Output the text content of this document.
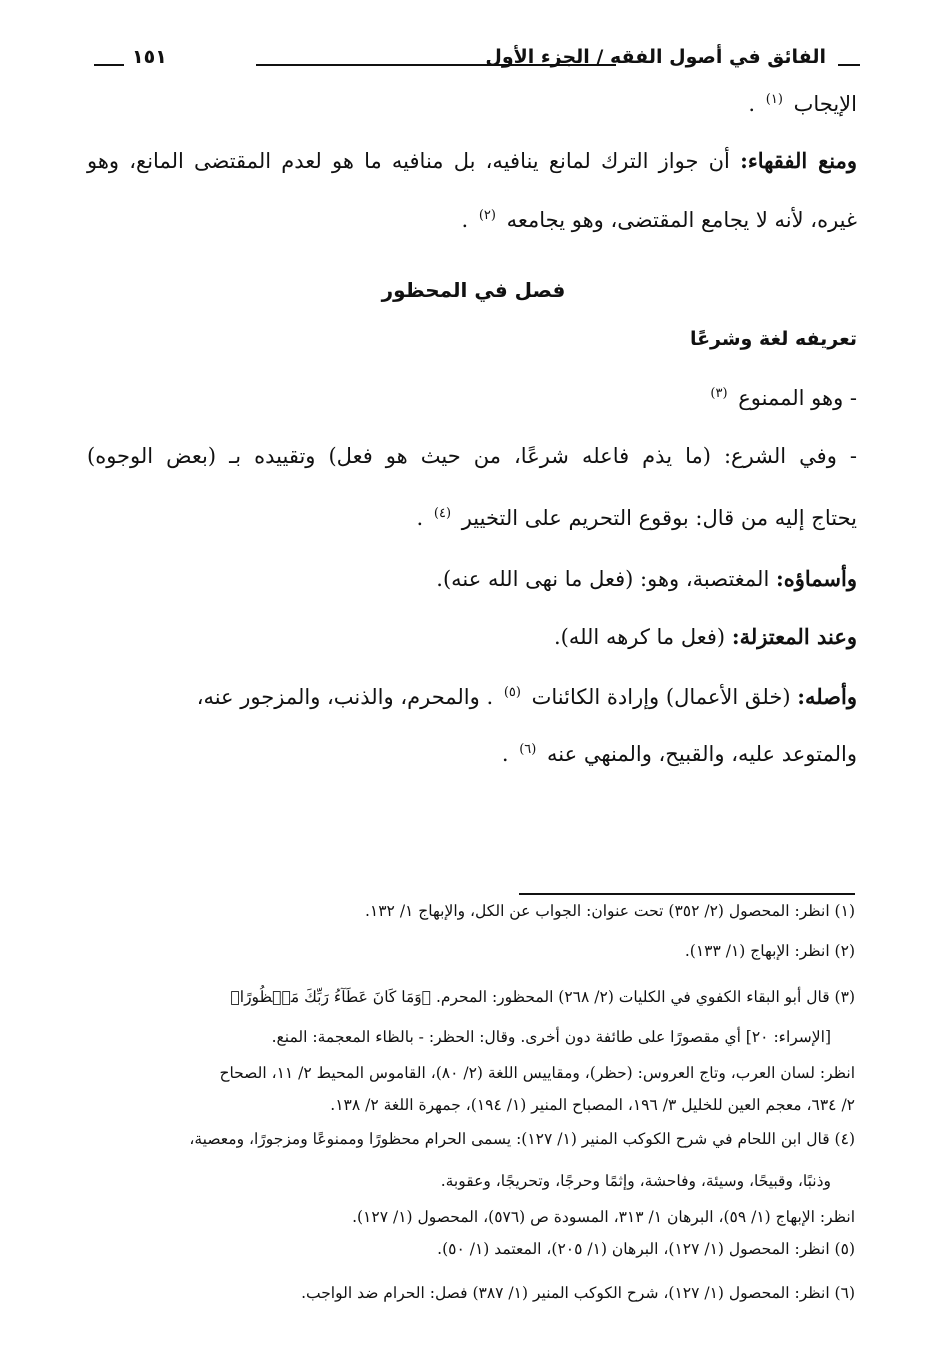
١٥١	الفائق في أصول الفقه / الجزء الأول
الإيجاب $^{(١)}$ .
ومنع الفقهاء: أن جواز الترك لمانع ينافيه، بل منافيه ما هو لعدم المقتضى المانع، وهو
غيره، لأنه لا يجامع المقتضى، وهو يجامعه $^{(٢)}$ .
فصل في المحظور
تعريفه لغة وشرعًا
- وهو الممنوع $^{(٣)}$
- وفي الشرع: (ما يذم فاعله شرعًا، من حيث هو فعل) وتقييده بـ (بعض الوجوه)
يحتاج إليه من قال: بوقوع التحريم على التخيير $^{(٤)}$ .
وأسماؤه: المغتصبة، وهو: (فعل ما نهى الله عنه).
وعند المعتزلة: (فعل ما كرهه الله).
وأصله: (خلق الأعمال) وإرادة الكائنات $^{(٥)}$ . والمحرم، والذنب، والمزجور عنه،
والمتوعد عليه، والقبيح، والمنهي عنه $^{(٦)}$ .
(١) انظر: المحصول (٢/ ٣٥٢) تحت عنوان: الجواب عن الكل، والإبهاج ١/ ١٣٢.
(٢) انظر: الإبهاج (١/ ١٣٣).
(٣) قال أبو البقاء الكفوي في الكليات (٢/ ٢٦٨) المحظور: المحرم. ﴿وَمَا كَانَ عَطَآءُ رَبِّكَ مَحۡظُورًا﴾
[الإسراء: ٢٠] أي مقصورًا على طائفة دون أخرى. وقال: الحظر: - بالظاء المعجمة: المنع.
انظر: لسان العرب، وتاج العروس: (حظر)، ومقاييس اللغة (٢/ ٨٠)، القاموس المحيط ٢/ ١١، الصحاح
٢/ ٦٣٤، معجم العين للخليل ٣/ ١٩٦، المصباح المنير (١/ ١٩٤)، جمهرة اللغة ٢/ ١٣٨.
(٤) قال ابن اللحام في شرح الكوكب المنير (١/ ١٢٧): يسمى الحرام محظورًا وممنوعًا ومزجورًا، ومعصية،
وذنبًا، وقبيحًا، وسيئة، وفاحشة، وإثمًا وحرجًا، وتحريجًا، وعقوبة.
انظر: الإبهاج (١/ ٥٩)، البرهان ١/ ٣١٣، المسودة ص (٥٧٦)، المحصول (١/ ١٢٧).
(٥) انظر: المحصول (١/ ١٢٧)، البرهان (١/ ٢٠٥)، المعتمد (١/ ٥٠).
(٦) انظر: المحصول (١/ ١٢٧)، شرح الكوكب المنير (١/ ٣٨٧) فصل: الحرام ضد الواجب.
